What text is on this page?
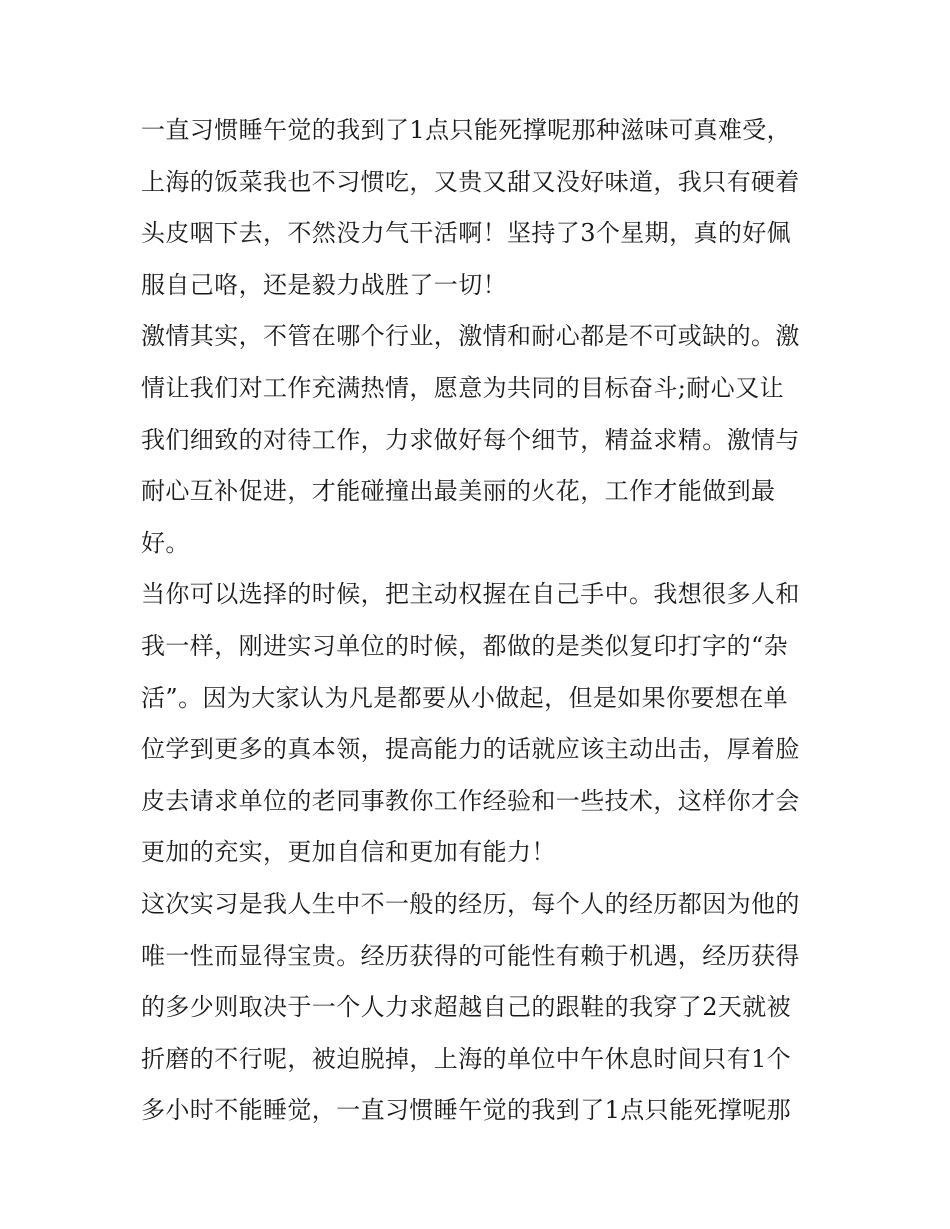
一直习惯睡午觉的我到了1点只能死撑呢那种滋味可真难受，
上海的饭菜我也不习惯吃，又贵又甜又没好味道，我只有硬着
头皮咽下去，不然没力气干活啊！坚持了3个星期，真的好佩
服自己咯，还是毅力战胜了一切！
激情其实，不管在哪个行业，激情和耐心都是不可或缺的。激
情让我们对工作充满热情，愿意为共同的目标奋斗;耐心又让
我们细致的对待工作，力求做好每个细节，精益求精。激情与
耐心互补促进，才能碰撞出最美丽的火花，工作才能做到最
好。
当你可以选择的时候，把主动权握在自己手中。我想很多人和
我一样，刚进实习单位的时候，都做的是类似复印打字的“杂
活”。因为大家认为凡是都要从小做起，但是如果你要想在单
位学到更多的真本领，提高能力的话就应该主动出击，厚着脸
皮去请求单位的老同事教你工作经验和一些技术，这样你才会
更加的充实，更加自信和更加有能力！
这次实习是我人生中不一般的经历，每个人的经历都因为他的
唯一性而显得宝贵。经历获得的可能性有赖于机遇，经历获得
的多少则取决于一个人力求超越自己的跟鞋的我穿了2天就被
折磨的不行呢，被迫脱掉，上海的单位中午休息时间只有1个
多小时不能睡觉，一直习惯睡午觉的我到了1点只能死撑呢那
